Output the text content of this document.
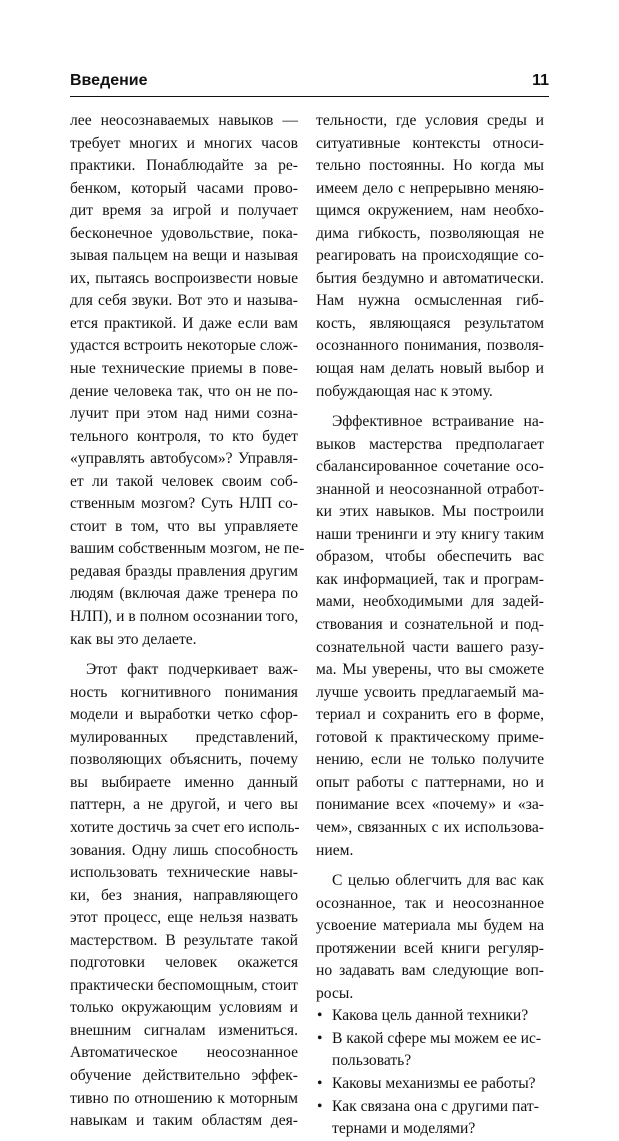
Введение	11
лее неосознаваемых навыков —
требует многих и многих часов
практики. Понаблюдайте за ре-
бенком, который часами прово-
дит время за игрой и получает
бесконечное удовольствие, пока-
зывая пальцем на вещи и называя
их, пытаясь воспроизвести новые
для себя звуки. Вот это и называ-
ется практикой. И даже если вам
удастся встроить некоторые слож-
ные технические приемы в пове-
дение человека так, что он не по-
лучит при этом над ними созна-
тельного контроля, то кто будет
«управлять автобусом»? Управля-
ет ли такой человек своим соб-
ственным мозгом? Суть НЛП со-
стоит в том, что вы управляете
вашим собственным мозгом, не пе-
редавая бразды правления другим
людям (включая даже тренера по
НЛП), и в полном осознании того,
как вы это делаете.
Этот факт подчеркивает важ-
ность когнитивного понимания
модели и выработки четко сфор-
мулированных представлений,
позволяющих объяснить, почему
вы выбираете именно данный
паттерн, а не другой, и чего вы
хотите достичь за счет его исполь-
зования. Одну лишь способность
использовать технические навы-
ки, без знания, направляющего
этот процесс, еще нельзя назвать
мастерством. В результате такой
подготовки человек окажется
практически беспомощным, стоит
только окружающим условиям и
внешним сигналам измениться.
Автоматическое неосознанное
обучение действительно эффек-
тивно по отношению к моторным
навыкам и таким областям дея-
тельности, где условия среды и
ситуативные контексты относи-
тельно постоянны. Но когда мы
имеем дело с непрерывно меняю-
щимся окружением, нам необхо-
дима гибкость, позволяющая не
реагировать на происходящие со-
бытия бездумно и автоматически.
Нам нужна осмысленная гиб-
кость, являющаяся результатом
осознанного понимания, позволя-
ющая нам делать новый выбор и
побуждающая нас к этому.
Эффективное встраивание на-
выков мастерства предполагает
сбалансированное сочетание осо-
знанной и неосознанной отработ-
ки этих навыков. Мы построили
наши тренинги и эту книгу таким
образом, чтобы обеспечить вас
как информацией, так и програм-
мами, необходимыми для задей-
ствования и сознательной и под-
сознательной части вашего разу-
ма. Мы уверены, что вы сможете
лучше усвоить предлагаемый ма-
териал и сохранить его в форме,
готовой к практическому приме-
нению, если не только получите
опыт работы с паттернами, но и
понимание всех «почему» и «за-
чем», связанных с их использова-
нием.
С целью облегчить для вас как
осознанное, так и неосознанное
усвоение материала мы будем на
протяжении всей книги регуляр-
но задавать вам следующие воп-
росы.
• Какова цель данной техники?
• В какой сфере мы можем ее ис-
пользовать?
• Каковы механизмы ее работы?
• Как связана она с другими пат-
тернами и моделями?
